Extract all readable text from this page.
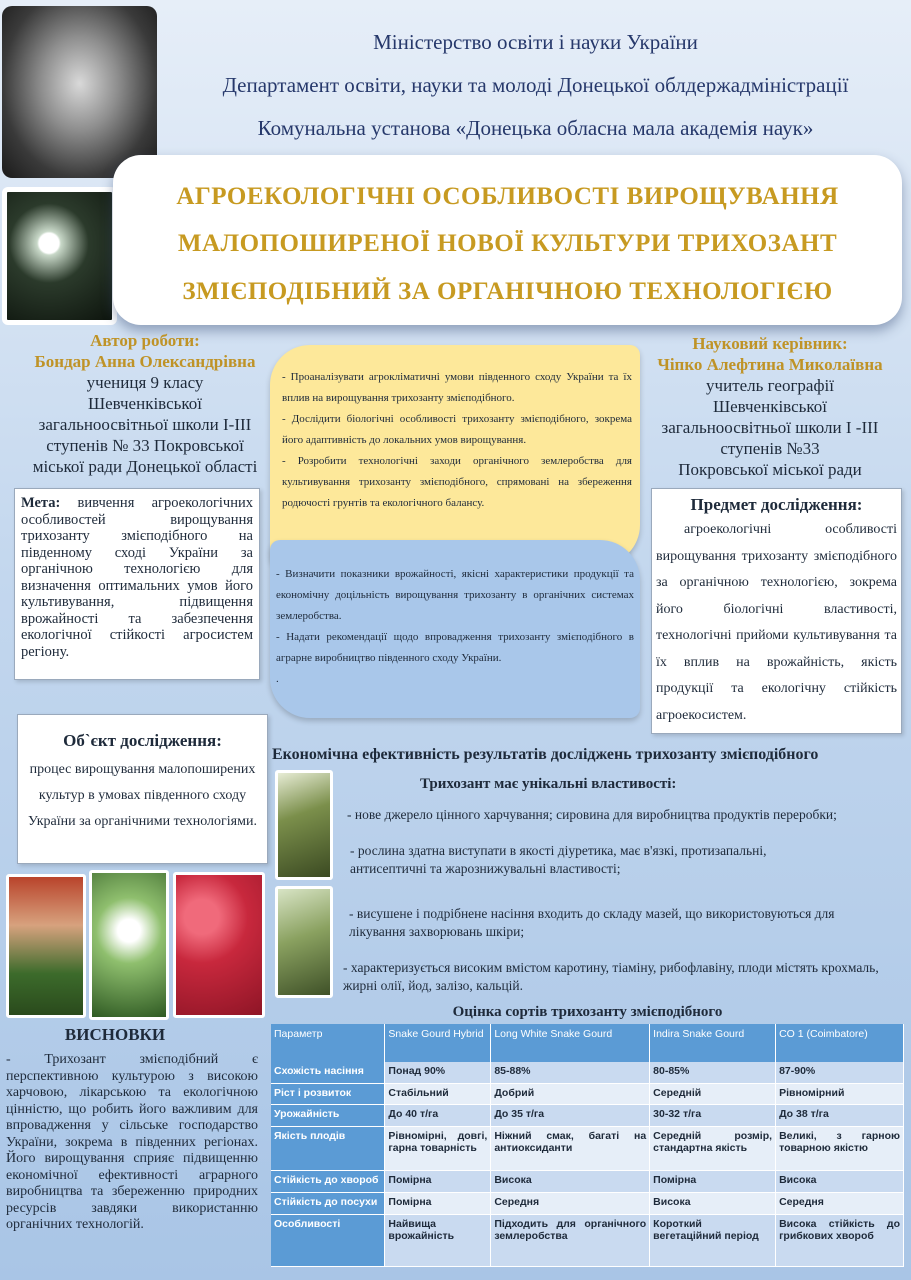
Міністерство освіти і науки України
Департамент освіти, науки та молоді Донецької облдержадміністрації
Комунальна установа «Донецька обласна мала академія наук»
АГРОЕКОЛОГІЧНІ ОСОБЛИВОСТІ ВИРОЩУВАННЯ
МАЛОПОШИРЕНОЇ НОВОЇ КУЛЬТУРИ ТРИХОЗАНТ
ЗМІЄПОДІБНИЙ ЗА ОРГАНІЧНОЮ ТЕХНОЛОГІЄЮ
Автор роботи:
Бондар Анна Олександрівна
учениця 9 класу
Шевченківської
загальноосвітньої школи І-ІІІ
ступенів № 33 Покровської
міської ради Донецької області
Науковий керівник:
Чіпко Алефтина Миколаївна
учитель географії
Шевченківської
загальноосвітньої школи І -ІІІ
ступенів №33
Покровської міської ради

Мета: вивчення агроекологічних особливостей вирощування трихозанту змієподібного на південному сході України за органічною технологією для визначення оптимальних умов його культивування, підвищення врожайності та забезпечення екологічної стійкості агросистем регіону.

- Проаналізувати агрокліматичні умови південного сходу України та їх вплив на вирощування трихозанту змієподібного.

- Дослідити біологічні особливості трихозанту змієподібного, зокрема його адаптивність до локальних умов вирощування.

- Розробити технологічні заходи органічного землеробства для культивування трихозанту змієподібного, спрямовані на збереження родючості грунтів та екологічного балансу.

- Визначити показники врожайності, якісні характеристики продукції та економічну доцільність вирощування трихозанту в органічних системах землеробства.

- Надати рекомендації щодо впровадження трихозанту змієподібного в аграрне виробництво південного сходу України.

.

Предмет дослідження:

агроекологічні особливості вирощування трихозанту змієподібного за органічною технологією, зокрема його біологічні властивості, технологічні прийоми культивування та їх вплив на врожайність, якість продукції та екологічну стійкість агроекосистем.

Об`єкт дослідження:

процес вирощування малопоширених культур в умовах південного сходу України за органічними технологіями.

Економічна ефективність результатів досліджень трихозанту змієподібного
Трихозант має унікальні властивості:
- нове джерело цінного харчування; сировина для виробництва продуктів переробки;
- рослина здатна виступати в якості діуретика, має в'язкі, протизапальні, антисептичні та жарознижувальні властивості;
- висушене і подрібнене насіння входить до складу мазей, що використовуються для лікування захворювань шкіри;
- характеризується високим вмістом каротину, тіаміну, рибофлавіну, плоди містять крохмаль, жирні олії, йод, залізо, кальцій.
ВИСНОВКИ

- Трихозант змієподібний є перспективною культурою з високою харчовою, лікарською та екологічною цінністю, що робить його важливим для впровадження у сільське господарство України, зокрема в південних регіонах. Його вирощування сприяє підвищенню економічної ефективності аграрного виробництва та збереженню природних ресурсів завдяки використанню органічних технологій.

Оцінка сортів трихозанту змієподібного
Параметр	Snake Gourd Hybrid	Long White Snake Gourd	Indira Snake Gourd	CO 1 (Coimbatore)
Схожість насіння	Понад 90%	85-88%	80-85%	87-90%
Ріст і розвиток	Стабільний	Добрий	Середній	Рівномірний
Урожайність	До 40 т/га	До 35 т/га	30-32 т/га	До 38 т/га
Якість плодів	Рівномірні, довгі, гарна товарність	Ніжний смак, багаті на антиоксиданти	Середній розмір, стандартна якість	Великі, з гарною товарною якістю
Стійкість до хвороб	Помірна	Висока	Помірна	Висока
Стійкість до посухи	Помірна	Середня	Висока	Середня
Особливості	Найвища врожайність	Підходить для органічного землеробства	Короткий вегетаційний період	Висока стійкість до грибкових хвороб
